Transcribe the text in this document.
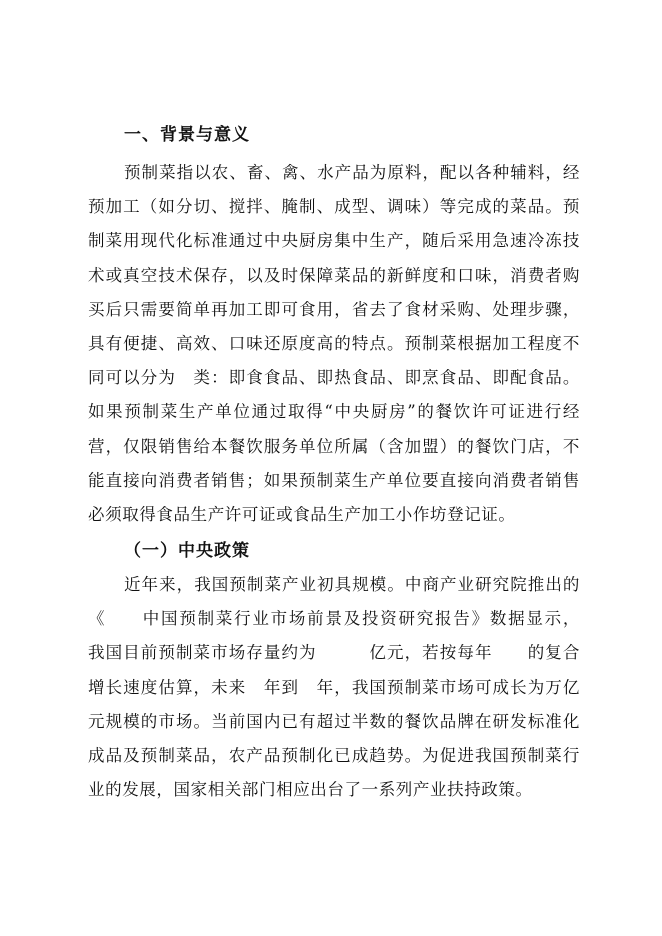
一、背景与意义
预制菜指以农、畜、禽、水产品为原料，配以各种辅料，经
预加工（如分切、搅拌、腌制、成型、调味）等完成的菜品。预
制菜用现代化标准通过中央厨房集中生产，随后采用急速冷冻技
术或真空技术保存，以及时保障菜品的新鲜度和口味，消费者购
买后只需要简单再加工即可食用，省去了食材采购、处理步骤，
具有便捷、高效、口味还原度高的特点。预制菜根据加工程度不
同可以分为　类：即食食品、即热食品、即烹食品、即配食品。
如果预制菜生产单位通过取得“中央厨房”的餐饮许可证进行经
营，仅限销售给本餐饮服务单位所属（含加盟）的餐饮门店，不
能直接向消费者销售；如果预制菜生产单位要直接向消费者销售
必须取得食品生产许可证或食品生产加工小作坊登记证。
（一）中央政策
近年来，我国预制菜产业初具规模。中商产业研究院推出的
《　　中国预制菜行业市场前景及投资研究报告》数据显示，
我国目前预制菜市场存量约为　　　亿元，若按每年　　的复合
增长速度估算，未来　年到　年，我国预制菜市场可成长为万亿
元规模的市场。当前国内已有超过半数的餐饮品牌在研发标准化
成品及预制菜品，农产品预制化已成趋势。为促进我国预制菜行
业的发展，国家相关部门相应出台了一系列产业扶持政策。
